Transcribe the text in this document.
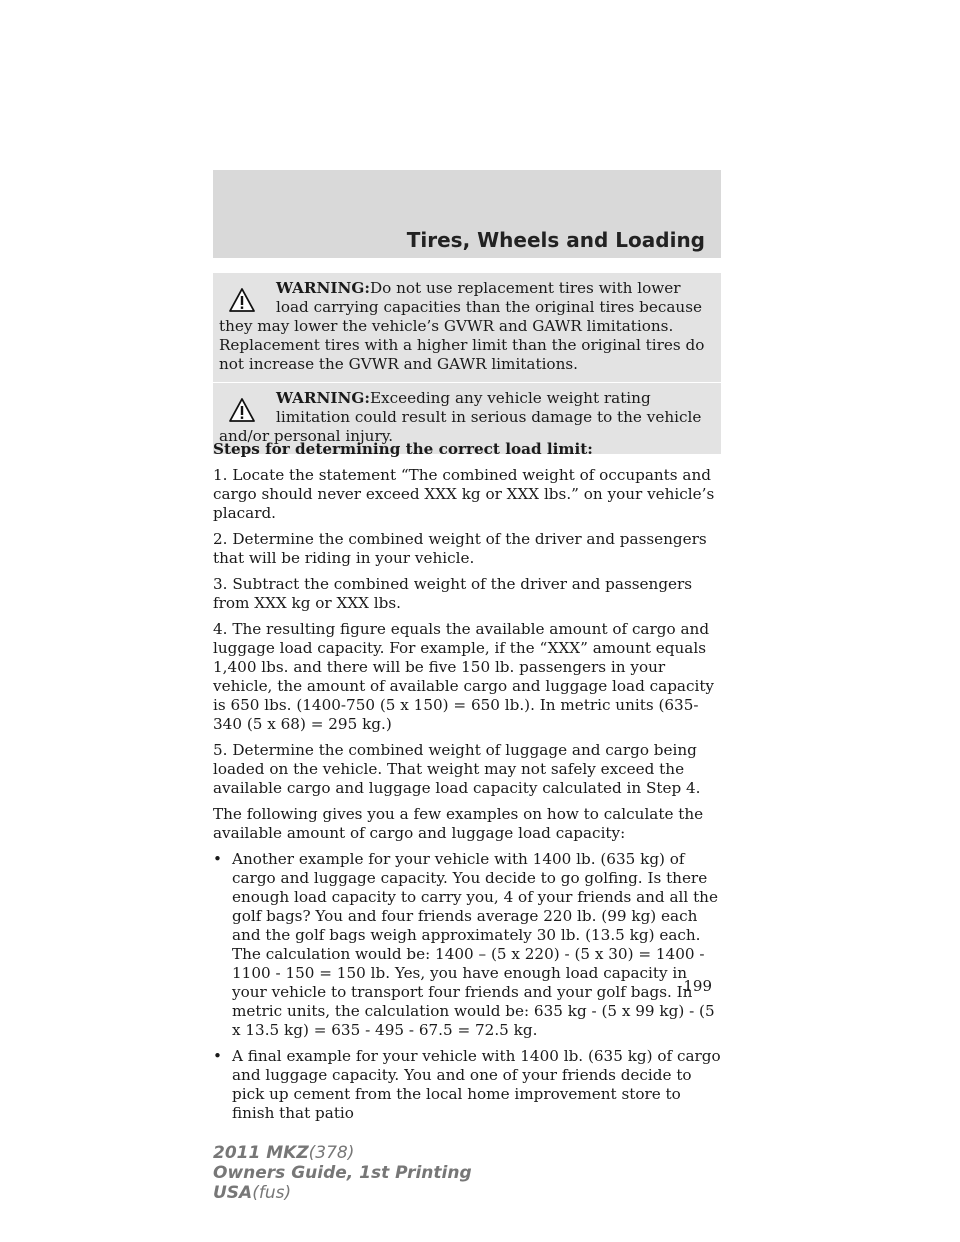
Tires, Wheels and Loading
WARNING:Do not use replacement tires with lower load carrying capacities than the original tires because they may lower the vehicle’s GVWR and GAWR limitations. Replacement tires with a higher limit than the original tires do not increase the GVWR and GAWR limitations.
WARNING:Exceeding any vehicle weight rating limitation could result in serious damage to the vehicle and/or personal injury.
Steps for determining the correct load limit:

1. Locate the statement “The combined weight of occupants and cargo should never exceed XXX kg or XXX lbs.” on your vehicle’s placard.

2. Determine the combined weight of the driver and passengers that will be riding in your vehicle.

3. Subtract the combined weight of the driver and passengers from XXX kg or XXX lbs.

4. The resulting figure equals the available amount of cargo and luggage load capacity. For example, if the “XXX” amount equals 1,400 lbs. and there will be five 150 lb. passengers in your vehicle, the amount of available cargo and luggage load capacity is 650 lbs. (1400-750 (5 x 150) = 650 lb.). In metric units (635-340 (5 x 68) = 295 kg.)

5. Determine the combined weight of luggage and cargo being loaded on the vehicle. That weight may not safely exceed the available cargo and luggage load capacity calculated in Step 4.

The following gives you a few examples on how to calculate the available amount of cargo and luggage load capacity:

• Another example for your vehicle with 1400 lb. (635 kg) of cargo and luggage capacity. You decide to go golfing. Is there enough load capacity to carry you, 4 of your friends and all the golf bags? You and four friends average 220 lb. (99 kg) each and the golf bags weigh approximately 30 lb. (13.5 kg) each. The calculation would be: 1400 – (5 x 220) - (5 x 30) = 1400 - 1100 - 150 = 150 lb. Yes, you have enough load capacity in your vehicle to transport four friends and your golf bags. In metric units, the calculation would be: 635 kg - (5 x 99 kg) - (5 x 13.5 kg) = 635 - 495 - 67.5 = 72.5 kg.
• A final example for your vehicle with 1400 lb. (635 kg) of cargo and luggage capacity. You and one of your friends decide to pick up cement from the local home improvement store to finish that patio
199
2011 MKZ(378)
Owners Guide, 1st Printing
USA(fus)
